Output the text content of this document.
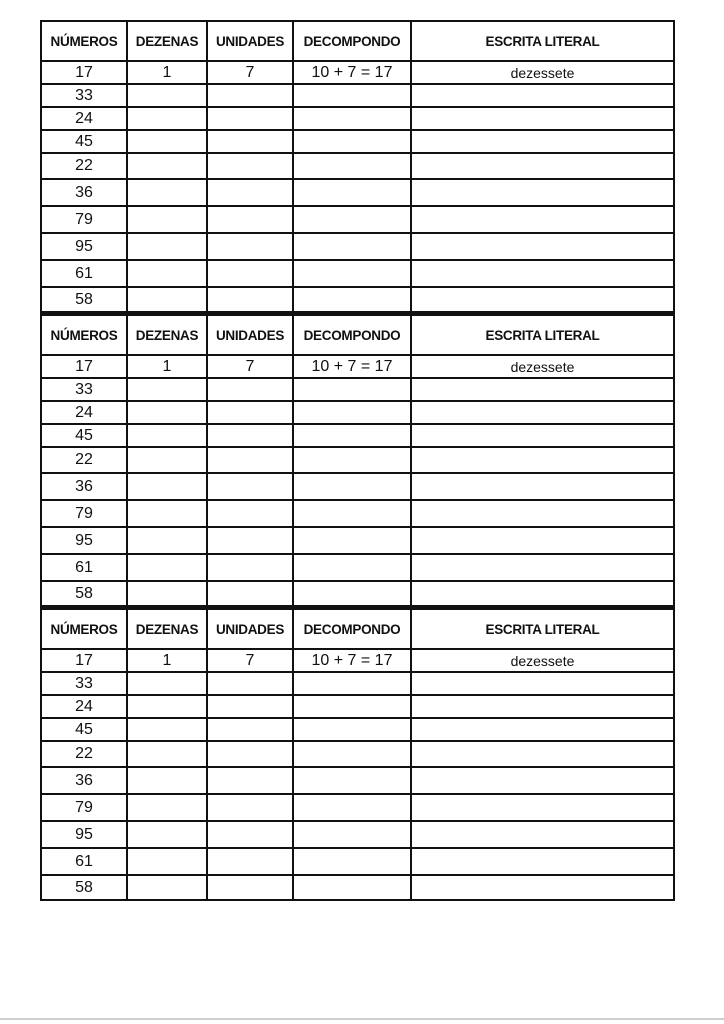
NÚMEROS	DEZENAS	UNIDADES	DECOMPONDO	ESCRITA LITERAL
17	1	7	10 + 7 = 17	dezessete
33				
24				
45				
22				
36				
79				
95				
61				
58				
NÚMEROS	DEZENAS	UNIDADES	DECOMPONDO	ESCRITA LITERAL
17	1	7	10 + 7 = 17	dezessete
33				
24				
45				
22				
36				
79				
95				
61				
58				
NÚMEROS	DEZENAS	UNIDADES	DECOMPONDO	ESCRITA LITERAL
17	1	7	10 + 7 = 17	dezessete
33				
24				
45				
22				
36				
79				
95				
61				
58				
